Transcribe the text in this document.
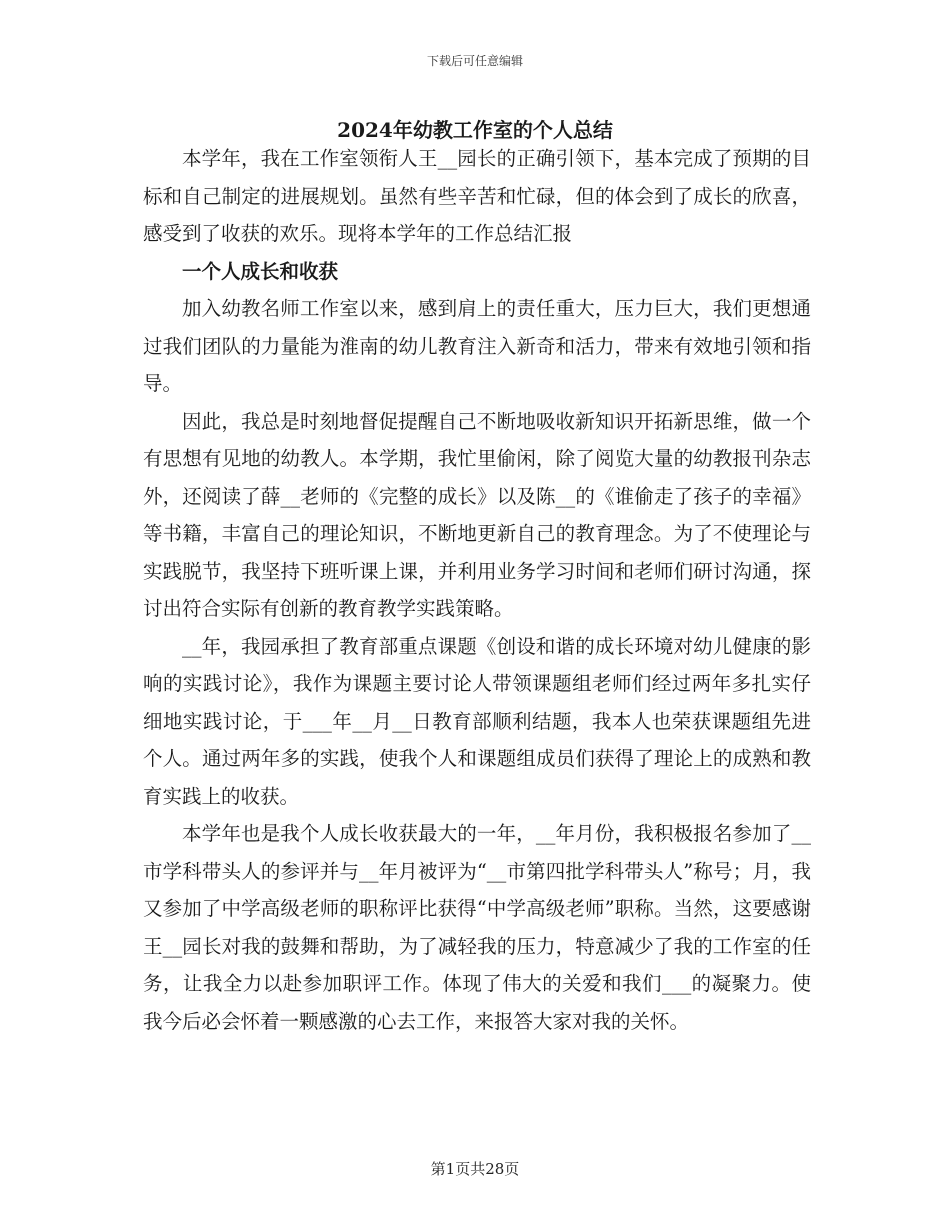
下载后可任意编辑
2024年幼教工作室的个人总结

本学年，我在工作室领衔人王__园长的正确引领下，基本完成了预期的目标和自己制定的进展规划。虽然有些辛苦和忙碌，但的体会到了成长的欣喜，感受到了收获的欢乐。现将本学年的工作总结汇报

一个人成长和收获

加入幼教名师工作室以来，感到肩上的责任重大，压力巨大，我们更想通过我们团队的力量能为淮南的幼儿教育注入新奇和活力，带来有效地引领和指导。

因此，我总是时刻地督促提醒自己不断地吸收新知识开拓新思维，做一个有思想有见地的幼教人。本学期，我忙里偷闲，除了阅览大量的幼教报刊杂志外，还阅读了薛__老师的《完整的成长》以及陈__的《谁偷走了孩子的幸福》等书籍，丰富自己的理论知识，不断地更新自己的教育理念。为了不使理论与实践脱节，我坚持下班听课上课，并利用业务学习时间和老师们研讨沟通，探讨出符合实际有创新的教育教学实践策略。

__年，我园承担了教育部重点课题《创设和谐的成长环境对幼儿健康的影响的实践讨论》，我作为课题主要讨论人带领课题组老师们经过两年多扎实仔细地实践讨论，于___年__月__日教育部顺利结题，我本人也荣获课题组先进个人。通过两年多的实践，使我个人和课题组成员们获得了理论上的成熟和教育实践上的收获。

本学年也是我个人成长收获最大的一年，__年月份，我积极报名参加了__市学科带头人的参评并与__年月被评为“__市第四批学科带头人”称号；月，我又参加了中学高级老师的职称评比获得“中学高级老师”职称。当然，这要感谢王__园长对我的鼓舞和帮助，为了减轻我的压力，特意减少了我的工作室的任务，让我全力以赴参加职评工作。体现了伟大的关爱和我们___的凝聚力。使我今后必会怀着一颗感激的心去工作，来报答大家对我的关怀。

第1页共28页
